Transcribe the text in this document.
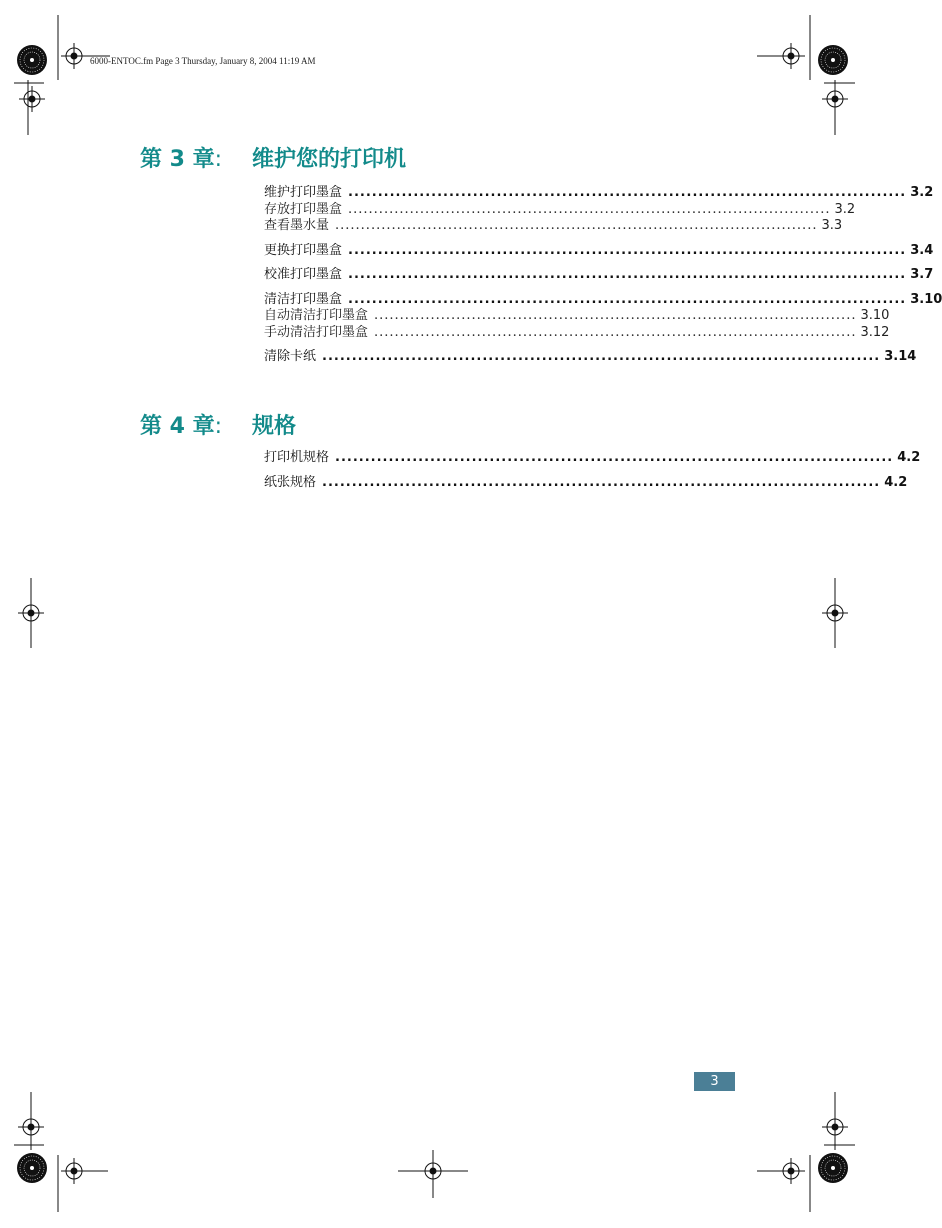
6000-ENTOC.fm Page 3 Thursday, January 8, 2004 11:19 AM
第 3 章: 维护您的打印机
维护打印墨盒 .............................................................................................. 3.2
存放打印墨盒 .............................................................................................. 3.2
查看墨水量 .............................................................................................. 3.3
更换打印墨盒 .............................................................................................. 3.4
校准打印墨盒 .............................................................................................. 3.7
清洁打印墨盒 .............................................................................................. 3.10
自动清洁打印墨盒 .............................................................................................. 3.10
手动清洁打印墨盒 .............................................................................................. 3.12
清除卡纸 .............................................................................................. 3.14
第 4 章: 规格
打印机规格 .............................................................................................. 4.2
纸张规格 .............................................................................................. 4.2
3
